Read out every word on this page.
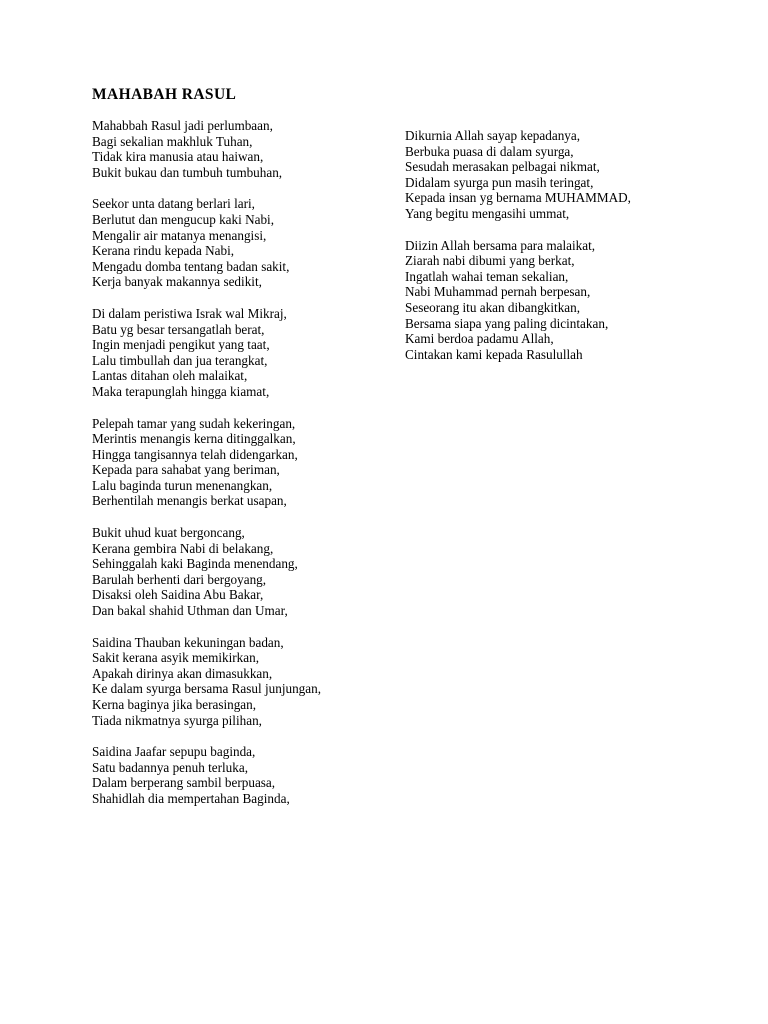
MAHABAH RASUL
Mahabbah Rasul jadi perlumbaan,
Bagi sekalian makhluk Tuhan,
Tidak kira manusia atau haiwan,
Bukit bukau dan tumbuh tumbuhan,
Seekor unta datang berlari lari,
Berlutut dan mengucup kaki Nabi,
Mengalir air matanya menangisi,
Kerana rindu kepada Nabi,
Mengadu domba tentang badan sakit,
Kerja banyak makannya sedikit,
Di dalam peristiwa Israk wal Mikraj,
Batu yg besar tersangatlah berat,
Ingin menjadi pengikut yang taat,
Lalu timbullah dan jua terangkat,
Lantas ditahan oleh malaikat,
Maka terapunglah hingga kiamat,
Pelepah tamar yang sudah kekeringan,
Merintis menangis kerna ditinggalkan,
Hingga tangisannya telah didengarkan,
Kepada para sahabat yang beriman,
Lalu baginda turun menenangkan,
Berhentilah menangis berkat usapan,
Bukit uhud kuat bergoncang,
Kerana gembira Nabi di belakang,
Sehinggalah kaki Baginda menendang,
Barulah berhenti dari bergoyang,
Disaksi oleh Saidina Abu Bakar,
Dan bakal shahid Uthman dan Umar,
Saidina Thauban kekuningan badan,
Sakit kerana asyik memikirkan,
Apakah dirinya akan dimasukkan,
Ke dalam syurga bersama Rasul junjungan,
Kerna baginya jika berasingan,
Tiada nikmatnya syurga pilihan,
Saidina Jaafar sepupu baginda,
Satu badannya penuh terluka,
Dalam berperang sambil berpuasa,
Shahidlah dia mempertahan Baginda,
Dikurnia Allah sayap kepadanya,
Berbuka puasa di dalam syurga,
Sesudah merasakan pelbagai nikmat,
Didalam syurga pun masih teringat,
Kepada insan yg bernama MUHAMMAD,
Yang begitu mengasihi ummat,
Diizin Allah bersama para malaikat,
Ziarah nabi dibumi yang berkat,
Ingatlah wahai teman sekalian,
Nabi Muhammad pernah berpesan,
Seseorang itu akan dibangkitkan,
Bersama siapa yang paling dicintakan,
Kami berdoa padamu Allah,
Cintakan kami kepada Rasulullah
